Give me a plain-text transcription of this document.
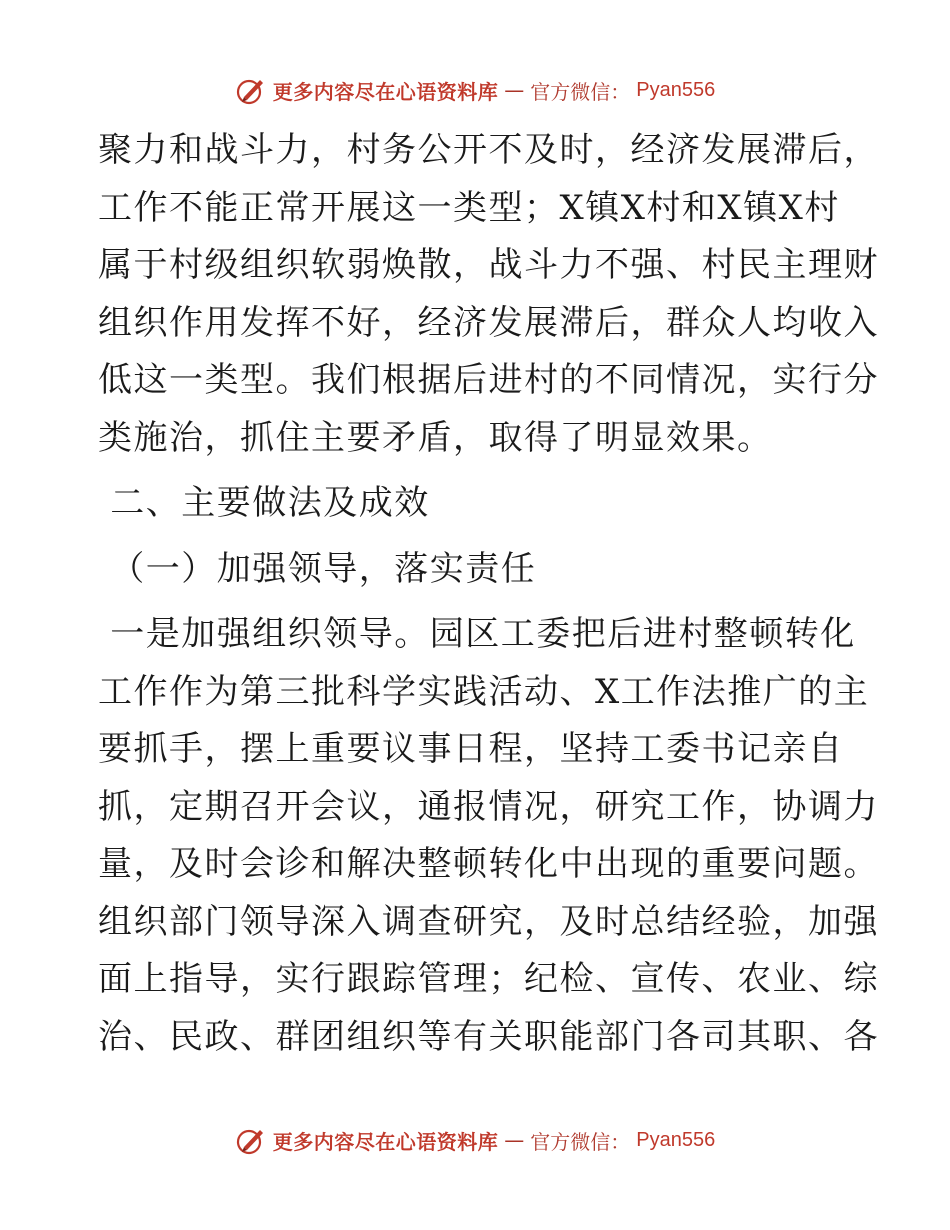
更多内容尽在心语资料库 — 官方微信： Pyan556
聚力和战斗力，村务公开不及时，经济发展滞后，
工作不能正常开展这一类型；X镇X村和X镇X村
属于村级组织软弱焕散，战斗力不强、村民主理财
组织作用发挥不好，经济发展滞后，群众人均收入
低这一类型。我们根据后进村的不同情况，实行分
类施治，抓住主要矛盾，取得了明显效果。
二、主要做法及成效
（一）加强领导，落实责任
一是加强组织领导。园区工委把后进村整顿转化
工作作为第三批科学实践活动、X工作法推广的主
要抓手，摆上重要议事日程，坚持工委书记亲自
抓，定期召开会议，通报情况，研究工作，协调力
量，及时会诊和解决整顿转化中出现的重要问题。
组织部门领导深入调查研究，及时总结经验，加强
面上指导，实行跟踪管理；纪检、宣传、农业、综
治、民政、群团组织等有关职能部门各司其职、各
更多内容尽在心语资料库 — 官方微信： Pyan556
